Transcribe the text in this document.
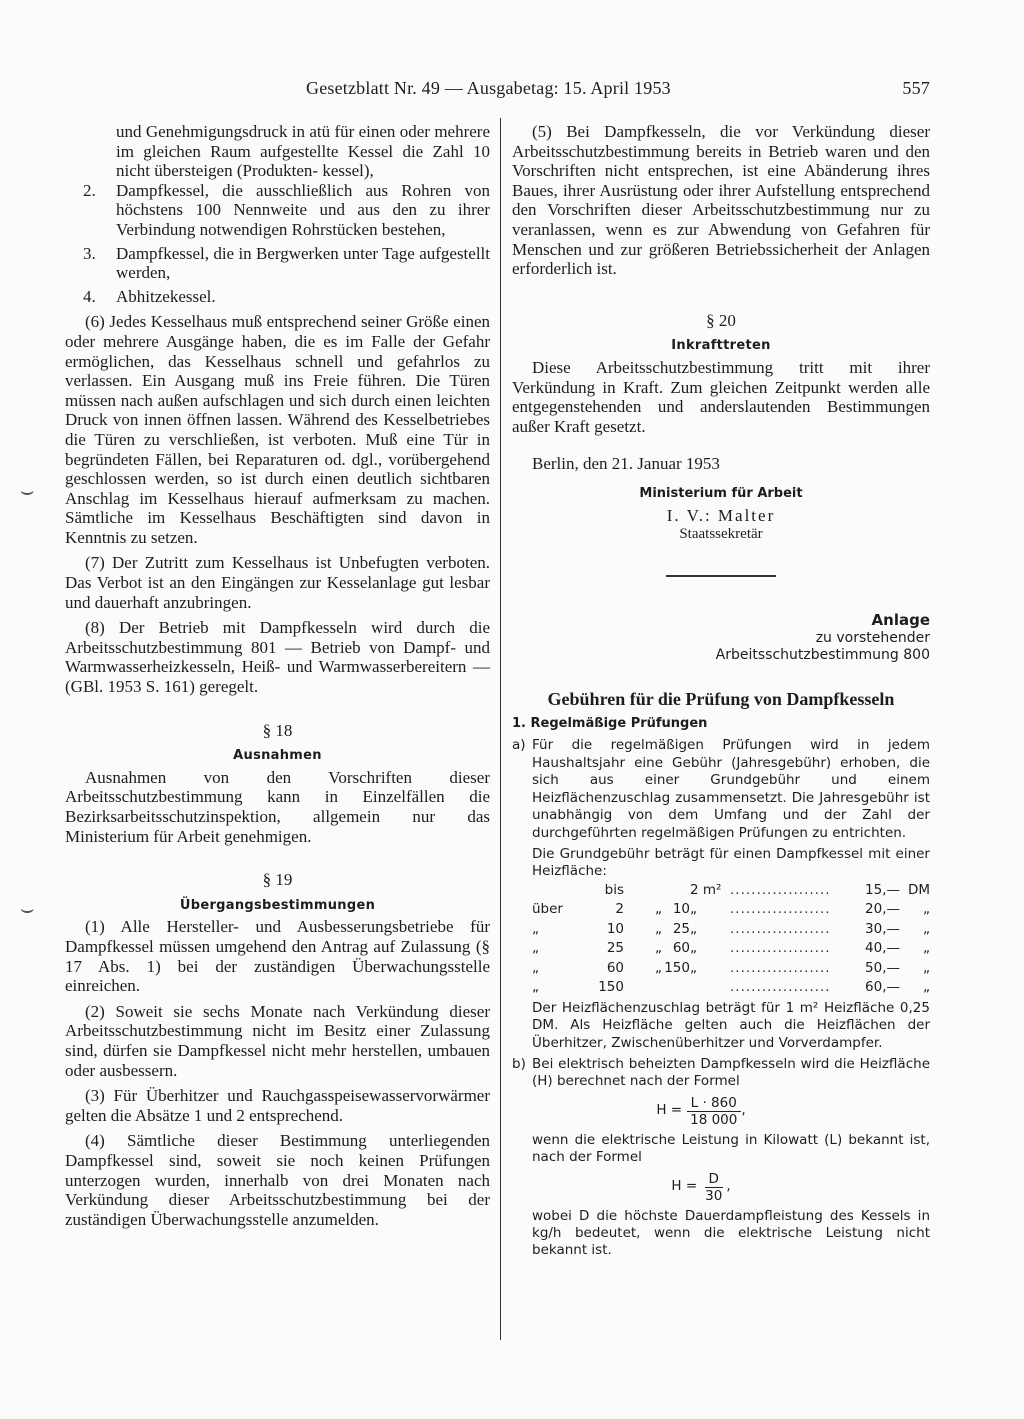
Gesetzblatt Nr. 49 — Ausgabetag: 15. April 1953	557

und Genehmigungsdruck in atü für einen oder mehrere im gleichen Raum aufgestellte Kessel die Zahl 10 nicht übersteigen (Produkten- kessel),

2. Dampfkessel, die ausschließlich aus Rohren von höchstens 100 Nennweite und aus den zu ihrer Verbindung notwendigen Rohrstücken bestehen,

3. Dampfkessel, die in Bergwerken unter Tage aufgestellt werden,

4. Abhitzekessel.

(6) Jedes Kesselhaus muß entsprechend seiner Größe einen oder mehrere Ausgänge haben, die es im Falle der Gefahr ermöglichen, das Kesselhaus schnell und gefahrlos zu verlassen. Ein Ausgang muß ins Freie führen. Die Türen müssen nach außen aufschlagen und sich durch einen leichten Druck von innen öffnen lassen. Während des Kesselbetriebes die Türen zu verschließen, ist verboten. Muß eine Tür in begründeten Fällen, bei Reparaturen od. dgl., vorübergehend geschlossen werden, so ist durch einen deutlich sichtbaren Anschlag im Kesselhaus hierauf aufmerksam zu machen. Sämtliche im Kesselhaus Beschäftigten sind davon in Kenntnis zu setzen.

(7) Der Zutritt zum Kesselhaus ist Unbefugten verboten. Das Verbot ist an den Eingängen zur Kesselanlage gut lesbar und dauerhaft anzubringen.

(8) Der Betrieb mit Dampfkesseln wird durch die Arbeitsschutzbestimmung 801 — Betrieb von Dampf- und Warmwasserheizkesseln, Heiß- und Warmwasserbereitern — (GBl. 1953 S. 161) geregelt.

§ 18

Ausnahmen

Ausnahmen von den Vorschriften dieser Arbeitsschutzbestimmung kann in Einzelfällen die Bezirksarbeitsschutzinspektion, allgemein nur das Ministerium für Arbeit genehmigen.

§ 19

Übergangsbestimmungen

(1) Alle Hersteller- und Ausbesserungsbetriebe für Dampfkessel müssen umgehend den Antrag auf Zulassung (§ 17 Abs. 1) bei der zuständigen Überwachungsstelle einreichen.

(2) Soweit sie sechs Monate nach Verkündung dieser Arbeitsschutzbestimmung nicht im Besitz einer Zulassung sind, dürfen sie Dampfkessel nicht mehr herstellen, umbauen oder ausbessern.

(3) Für Überhitzer und Rauchgasspeisewasservorwärmer gelten die Absätze 1 und 2 entsprechend.

(4) Sämtliche dieser Bestimmung unterliegenden Dampfkessel sind, soweit sie noch keinen Prüfungen unterzogen wurden, innerhalb von drei Monaten nach Verkündung dieser Arbeitsschutzbestimmung bei der zuständigen Überwachungsstelle anzumelden.

(5) Bei Dampfkesseln, die vor Verkündung dieser Arbeitsschutzbestimmung bereits in Betrieb waren und den Vorschriften nicht entsprechen, ist eine Abänderung ihres Baues, ihrer Ausrüstung oder ihrer Aufstellung entsprechend den Vorschriften dieser Arbeitsschutzbestimmung nur zu veranlassen, wenn es zur Abwendung von Gefahren für Menschen und zur größeren Betriebssicherheit der Anlagen erforderlich ist.

§ 20

Inkrafttreten

Diese Arbeitsschutzbestimmung tritt mit ihrer Verkündung in Kraft. Zum gleichen Zeitpunkt werden alle entgegenstehenden und anderslautenden Bestimmungen außer Kraft gesetzt.

Berlin, den 21. Januar 1953

Ministerium für Arbeit

I. V.: Malter

Staatssekretär

Anlage

zu vorstehender

Arbeitsschutzbestimmung 800

Gebühren für die Prüfung von Dampfkesseln

1. Regelmäßige Prüfungen

a) Für die regelmäßigen Prüfungen wird in jedem Haushaltsjahr eine Gebühr (Jahresgebühr) erhoben, die sich aus einer Grundgebühr und einem Heizflächenzuschlag zusammensetzt. Die Jahresgebühr ist unabhängig von dem Umfang und der Zahl der durchgeführten regelmäßigen Prüfungen zu entrichten.

Die Grundgebühr beträgt für einen Dampfkessel mit einer Heizfläche:

bis	2 m² ...................	15,— DM
über	2	„ 10 „	...................	20,—	„
„	10	„ 25 „	...................	30,—	„
„	25	„ 60 „	...................	40,—	„
„	60	„ 150 „	...................	50,—	„
„	150	...................	60,—	„

Der Heizflächenzuschlag beträgt für 1 m² Heizfläche 0,25 DM. Als Heizfläche gelten auch die Heizflächen der Überhitzer, Zwischenüberhitzer und Vorverdampfer.

b) Bei elektrisch beheizten Dampfkesseln wird die Heizfläche (H) berechnet nach der Formel

$H = \frac{L \cdot 860}{18 000}$ ,

wenn die elektrische Leistung in Kilowatt (L) bekannt ist, nach der Formel

$H = \frac{D}{30}$ ,

wobei D die höchste Dauerdampfleistung des Kessels in kg/h bedeutet, wenn die elektrische Leistung nicht bekannt ist.

⌣
⌣
